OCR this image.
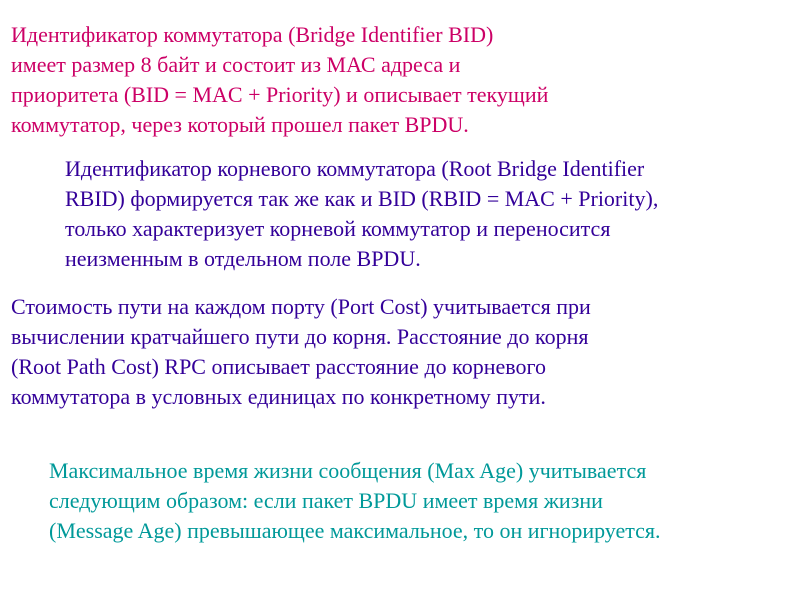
Идентификатор коммутатора (Bridge Identifier BID)
имеет размер 8 байт и состоит из МАС адреса и
приоритета (BID = MAC + Priority) и описывает текущий
коммутатор, через который прошел пакет BPDU.

Идентификатор корневого коммутатора (Root Bridge Identifier
RBID) формируется так же как и BID (RBID = MAC + Priority),
только характеризует корневой коммутатор и переносится
неизменным в отдельном поле BPDU.

Стоимость пути на каждом порту (Port Cost) учитывается при
вычислении кратчайшего пути до корня. Расстояние до корня
(Root Path Cost) RPC описывает расстояние до корневого
коммутатора в условных единицах по конкретному пути.

Максимальное время жизни сообщения (Max Age) учитывается
следующим образом: если пакет BPDU имеет время жизни
(Message Age) превышающее максимальное, то он игнорируется.
